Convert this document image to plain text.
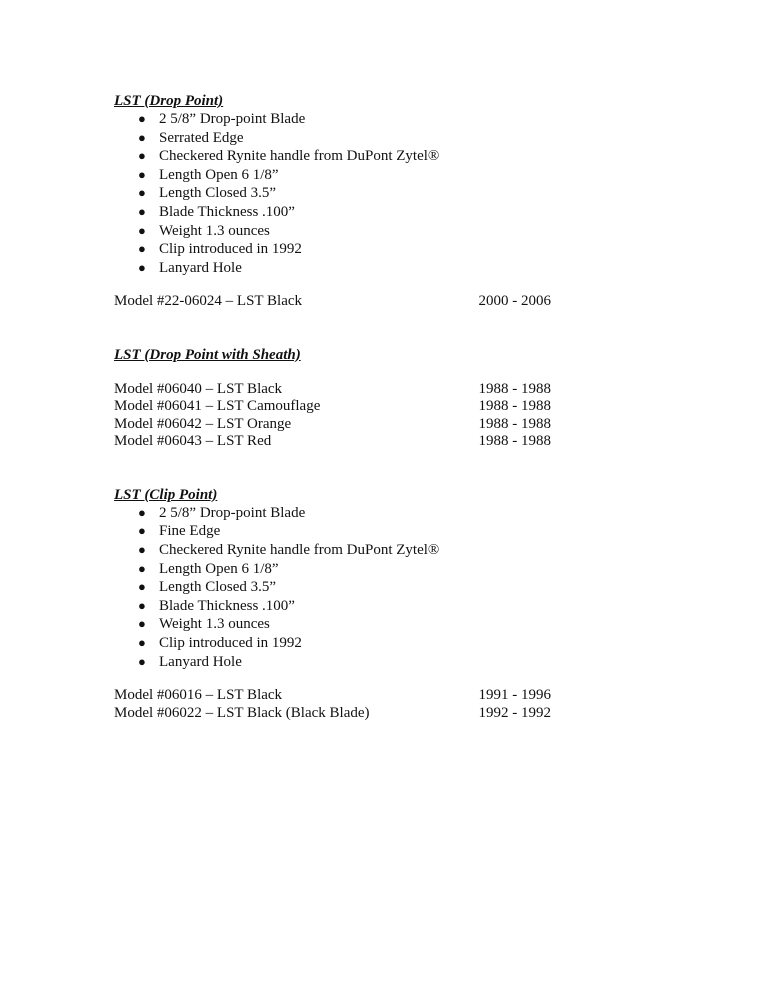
LST (Drop Point)

● 2 5/8” Drop-point Blade
● Serrated Edge
● Checkered Rynite handle from DuPont Zytel®
● Length Open 6 1/8”
● Length Closed 3.5”
● Blade Thickness .100”
● Weight 1.3 ounces
● Clip introduced in 1992
● Lanyard Hole
Model #22-06024 – LST Black	2000 - 2006

LST (Drop Point with Sheath)

Model #06040 – LST Black	1988 - 1988
Model #06041 – LST Camouflage	1988 - 1988
Model #06042 – LST Orange	1988 - 1988
Model #06043 – LST Red	1988 - 1988

LST (Clip Point)

● 2 5/8” Drop-point Blade
● Fine Edge
● Checkered Rynite handle from DuPont Zytel®
● Length Open 6 1/8”
● Length Closed 3.5”
● Blade Thickness .100”
● Weight 1.3 ounces
● Clip introduced in 1992
● Lanyard Hole
Model #06016 – LST Black	1991 - 1996
Model #06022 – LST Black (Black Blade)	1992 - 1992
